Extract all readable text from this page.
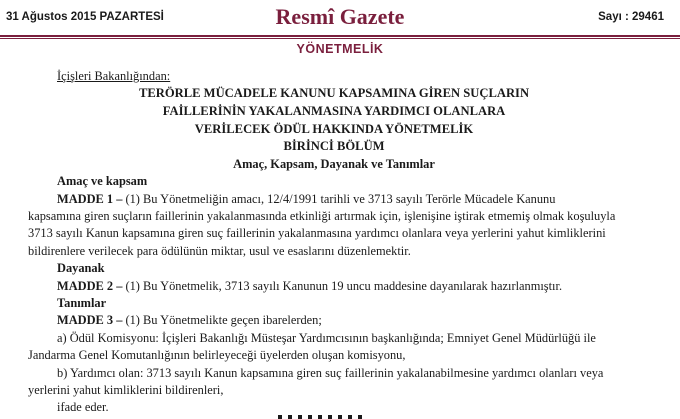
31 Ağustos 2015 PAZARTESİ	Resmî Gazete	Sayı : 29461
YÖNETMELİK
İçişleri Bakanlığından:
TERÖRLE MÜCADELE KANUNU KAPSAMINA GİREN SUÇLARIN
FAİLLERİNİN YAKALANMASINA YARDIMCI OLANLARA
VERİLECEK ÖDÜL HAKKINDA YÖNETMELİK
BİRİNCİ BÖLÜM
Amaç, Kapsam, Dayanak ve Tanımlar
Amaç ve kapsam
MADDE 1 – (1) Bu Yönetmeliğin amacı, 12/4/1991 tarihli ve 3713 sayılı Terörle Mücadele Kanunu
kapsamına giren suçların faillerinin yakalanmasında etkinliği artırmak için, işlenişine iştirak etmemiş olmak koşuluyla
3713 sayılı Kanun kapsamına giren suç faillerinin yakalanmasına yardımcı olanlara veya yerlerini yahut kimliklerini
bildirenlere verilecek para ödülünün miktar, usul ve esaslarını düzenlemektir.
Dayanak
MADDE 2 – (1) Bu Yönetmelik, 3713 sayılı Kanunun 19 uncu maddesine dayanılarak hazırlanmıştır.
Tanımlar
MADDE 3 – (1) Bu Yönetmelikte geçen ibarelerden;
a) Ödül Komisyonu: İçişleri Bakanlığı Müsteşar Yardımcısının başkanlığında; Emniyet Genel Müdürlüğü ile
Jandarma Genel Komutanlığının belirleyeceği üyelerden oluşan komisyonu,
b) Yardımcı olan: 3713 sayılı Kanun kapsamına giren suç faillerinin yakalanabilmesine yardımcı olanları veya
yerlerini yahut kimliklerini bildirenleri,
ifade eder.
